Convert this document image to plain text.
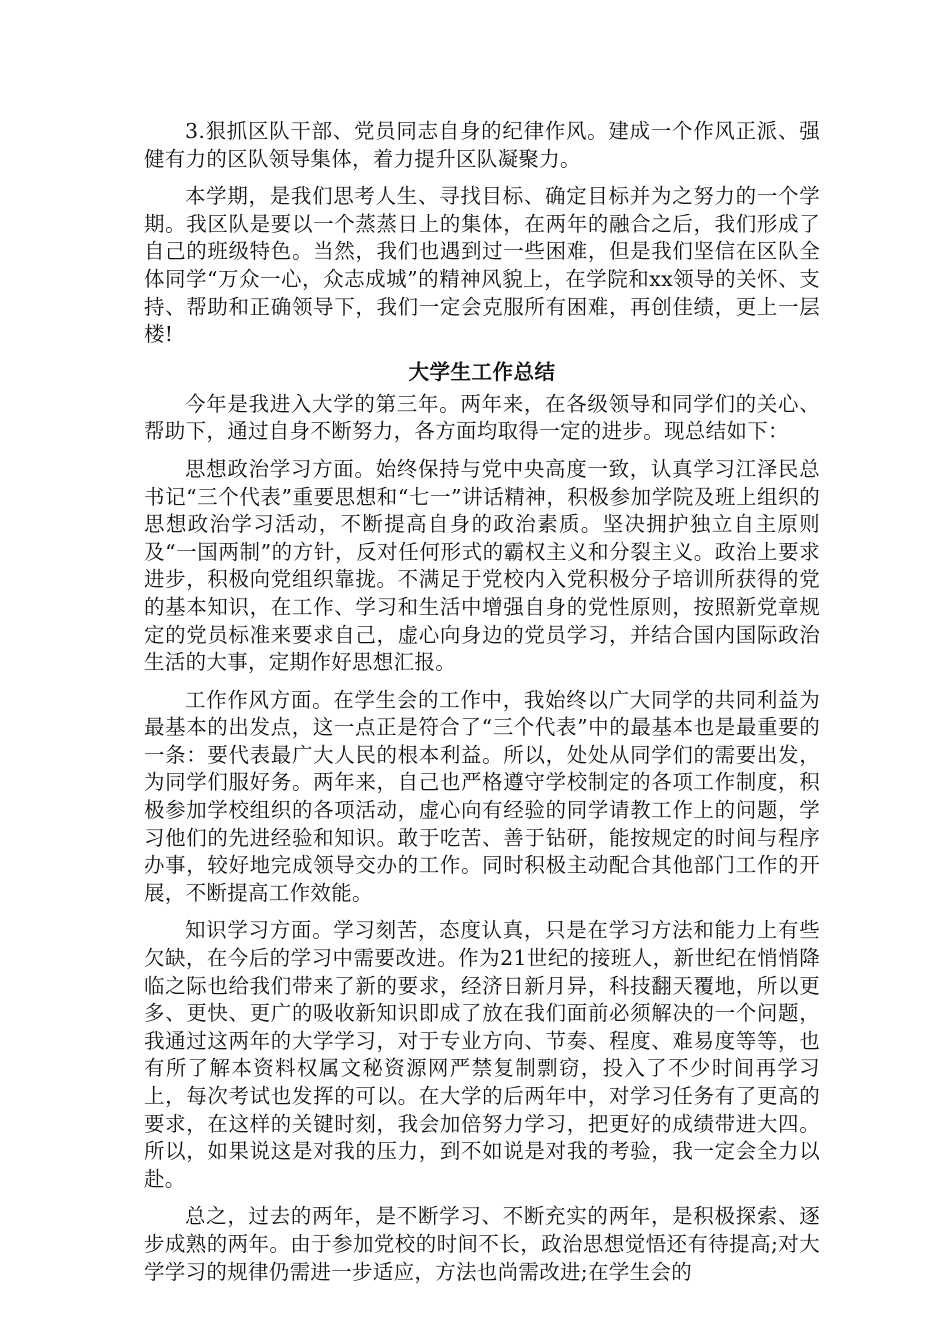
3.狠抓区队干部、党员同志自身的纪律作风。建成一个作风正派、强健有力的区队领导集体，着力提升区队凝聚力。

本学期，是我们思考人生、寻找目标、确定目标并为之努力的一个学期。我区队是要以一个蒸蒸日上的集体，在两年的融合之后，我们形成了自己的班级特色。当然，我们也遇到过一些困难，但是我们坚信在区队全体同学“万众一心，众志成城”的精神风貌上，在学院和xx领导的关怀、支持、帮助和正确领导下，我们一定会克服所有困难，再创佳绩，更上一层楼!

大学生工作总结

今年是我进入大学的第三年。两年来，在各级领导和同学们的关心、帮助下，通过自身不断努力，各方面均取得一定的进步。现总结如下：

思想政治学习方面。始终保持与党中央高度一致，认真学习江泽民总书记“三个代表”重要思想和“七一”讲话精神，积极参加学院及班上组织的思想政治学习活动，不断提高自身的政治素质。坚决拥护独立自主原则及“一国两制”的方针，反对任何形式的霸权主义和分裂主义。政治上要求进步，积极向党组织靠拢。不满足于党校内入党积极分子培训所获得的党的基本知识，在工作、学习和生活中增强自身的党性原则，按照新党章规定的党员标准来要求自己，虚心向身边的党员学习，并结合国内国际政治生活的大事，定期作好思想汇报。

工作作风方面。在学生会的工作中，我始终以广大同学的共同利益为最基本的出发点，这一点正是符合了“三个代表”中的最基本也是最重要的一条：要代表最广大人民的根本利益。所以，处处从同学们的需要出发，为同学们服好务。两年来，自己也严格遵守学校制定的各项工作制度，积极参加学校组织的各项活动，虚心向有经验的同学请教工作上的问题，学习他们的先进经验和知识。敢于吃苦、善于钻研，能按规定的时间与程序办事，较好地完成领导交办的工作。同时积极主动配合其他部门工作的开展，不断提高工作效能。

知识学习方面。学习刻苦，态度认真，只是在学习方法和能力上有些欠缺，在今后的学习中需要改进。作为21世纪的接班人，新世纪在悄悄降临之际也给我们带来了新的要求，经济日新月异，科技翻天覆地，所以更多、更快、更广的吸收新知识即成了放在我们面前必须解决的一个问题，我通过这两年的大学学习，对于专业方向、节奏、程度、难易度等等，也有所了解本资料权属文秘资源网严禁复制剽窃，投入了不少时间再学习上，每次考试也发挥的可以。在大学的后两年中，对学习任务有了更高的要求，在这样的关键时刻，我会加倍努力学习，把更好的成绩带进大四。所以，如果说这是对我的压力，到不如说是对我的考验，我一定会全力以赴。

总之，过去的两年，是不断学习、不断充实的两年，是积极探索、逐步成熟的两年。由于参加党校的时间不长，政治思想觉悟还有待提高;对大学学习的规律仍需进一步适应，方法也尚需改进;在学生会的
